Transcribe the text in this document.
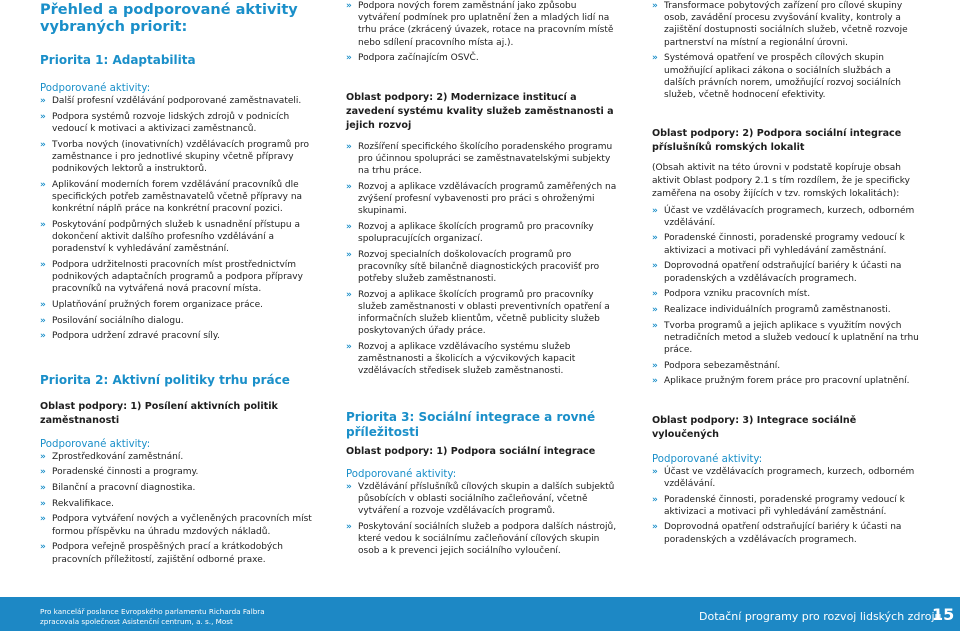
Přehled a podporované aktivity vybraných priorit:
Priorita 1: Adaptabilita
Podporované aktivity:
» Další profesní vzdělávání podporované zaměstnavateli.
» Podpora systémů rozvoje lidských zdrojů v podnicích vedoucí k motivaci a aktivizaci zaměstnanců.
» Tvorba nových (inovativních) vzdělávacích programů pro zaměstnance i pro jednotlivé skupiny včetně přípravy podnikových lektorů a instruktorů.
» Aplikování moderních forem vzdělávání pracovníků dle specifických potřeb zaměstnavatelů včetně přípravy na konkrétní náplň práce na konkrétní pracovní pozici.
» Poskytování podpůrných služeb k usnadnění přístupu a dokončení aktivit dalšího profesního vzdělávání a poradenství k vyhledávání zaměstnání.
» Podpora udržitelnosti pracovních míst prostřednictvím podnikových adaptačních programů a podpora přípravy pracovníků na vytvářená nová pracovní místa.
» Uplatňování pružných forem organizace práce.
» Posilování sociálního dialogu.
» Podpora udržení zdravé pracovní síly.
Priorita 2: Aktivní politiky trhu práce
Oblast podpory: 1) Posílení aktivních politik zaměstnanosti
Podporované aktivity:
» Zprostředkování zaměstnání.
» Poradenské činnosti a programy.
» Bilanční a pracovní diagnostika.
» Rekvalifikace.
» Podpora vytváření nových a vyčleněných pracovních míst formou příspěvku na úhradu mzdových nákladů.
» Podpora veřejně prospěšných prací a krátkodobých pracovních příležitostí, zajištění odborné praxe.
» Podpora nových forem zaměstnání jako způsobu vytváření podmínek pro uplatnění žen a mladých lidí na trhu práce (zkrácený úvazek, rotace na pracovním místě nebo sdílení pracovního místa aj.).
» Podpora začínajícím OSVČ.
Oblast podpory: 2) Modernizace institucí a zavedení systému kvality služeb zaměstnanosti a jejich rozvoj
» Rozšíření specifického školícího poradenského programu pro účinnou spolupráci se zaměstnavatelskými subjekty na trhu práce.
» Rozvoj a aplikace vzdělávacích programů zaměřených na zvýšení profesní vybavenosti pro práci s ohroženými skupinami.
» Rozvoj a aplikace školících programů pro pracovníky spolupracujících organizací.
» Rozvoj specialních doškolovacích programů pro pracovníky sítě bilančně diagnostických pracovišť pro potřeby služeb zaměstnanosti.
» Rozvoj a aplikace školících programů pro pracovníky služeb zaměstnanosti v oblasti preventivních opatření a informačních služeb klientům, včetně publicity služeb poskytovaných úřady práce.
» Rozvoj a aplikace vzdělávacího systému služeb zaměstnanosti a školicích a výcvikových kapacit vzdělávacích středisek služeb zaměstnanosti.
Priorita 3: Sociální integrace a rovné příležitosti
Oblast podpory: 1) Podpora sociální integrace
Podporované aktivity:
» Vzdělávání příslušníků cílových skupin a dalších subjektů působících v oblasti sociálního začleňování, včetně vytváření a rozvoje vzdělávacích programů.
» Poskytování sociálních služeb a podpora dalších nástrojů, které vedou k sociálnímu začleňování cílových skupin osob a k prevenci jejich sociálního vyloučení.
» Transformace pobytových zařízení pro cílové skupiny osob, zavádění procesu zvyšování kvality, kontroly a zajištění dostupnosti sociálních služeb, včetně rozvoje partnerství na místní a regionální úrovni.
» Systémová opatření ve prospěch cílových skupin umožňující aplikaci zákona o sociálních službách a dalších právních norem, umožňující rozvoj sociálních služeb, včetně hodnocení efektivity.
Oblast podpory: 2) Podpora sociální integrace příslušníků romských lokalit
(Obsah aktivit na této úrovni v podstatě kopíruje obsah aktivit Oblast podpory 2.1 s tím rozdílem, že je specificky zaměřena na osoby žijících v tzv. romských lokalitách):
» Účast ve vzdělávacích programech, kurzech, odborném vzdělávání.
» Poradenské činnosti, poradenské programy vedoucí k aktivizaci a motivaci při vyhledávání zaměstnání.
» Doprovodná opatření odstraňující bariéry k účasti na poradenských a vzdělávacích programech.
» Podpora vzniku pracovních míst.
» Realizace individuálních programů zaměstnanosti.
» Tvorba programů a jejich aplikace s využitím nových netradičních metod a služeb vedoucí k uplatnění na trhu práce.
» Podpora sebezaměstnání.
» Aplikace pružným forem práce pro pracovní uplatnění.
Oblast podpory: 3) Integrace sociálně vyloučených
Podporované aktivity:
» Účast ve vzdělávacích programech, kurzech, odborném vzdělávání.
» Poradenské činnosti, poradenské programy vedoucí k aktivizaci a motivaci při vyhledávání zaměstnání.
» Doprovodná opatření odstraňující bariéry k účasti na poradenských a vzdělávacích programech.
Pro kancelář poslance Evropského parlamentu Richarda Falbra
zpracovala společnost Asistenční centrum, a. s., Most	Dotační programy pro rozvoj lidských zdrojů
15
